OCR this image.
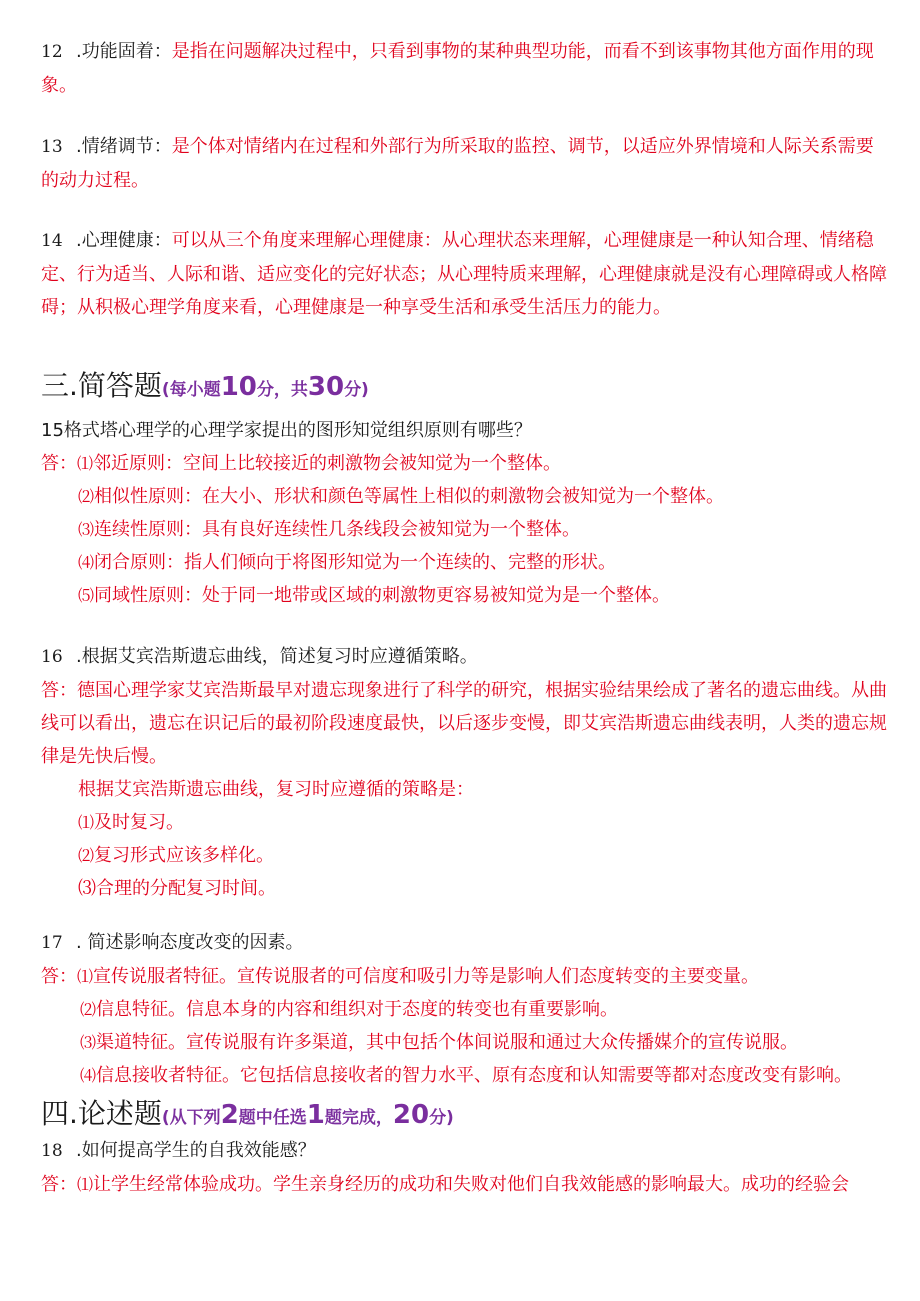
12 .功能固着：是指在问题解决过程中，只看到事物的某种典型功能，而看不到该事物其他方面作用的现象。

13 .情绪调节：是个体对情绪内在过程和外部行为所采取的监控、调节，以适应外界情境和人际关系需要的动力过程。

14 .心理健康：可以从三个角度来理解心理健康：从心理状态来理解，心理健康是一种认知合理、情绪稳定、行为适当、人际和谐、适应变化的完好状态；从心理特质来理解，心理健康就是没有心理障碍或人格障碍；从积极心理学角度来看，心理健康是一种享受生活和承受生活压力的能力。

三.简答题(每小题10分，共30分)

15格式塔心理学的心理学家提出的图形知觉组织原则有哪些？

答：⑴邻近原则：空间上比较接近的刺激物会被知觉为一个整体。

⑵相似性原则：在大小、形状和颜色等属性上相似的刺激物会被知觉为一个整体。

⑶连续性原则：具有良好连续性几条线段会被知觉为一个整体。

⑷闭合原则：指人们倾向于将图形知觉为一个连续的、完整的形状。

⑸同域性原则：处于同一地带或区域的刺激物更容易被知觉为是一个整体。

16 .根据艾宾浩斯遗忘曲线，简述复习时应遵循策略。

答：德国心理学家艾宾浩斯最早对遗忘现象进行了科学的研究，根据实验结果绘成了著名的遗忘曲线。从曲线可以看出，遗忘在识记后的最初阶段速度最快，以后逐步变慢，即艾宾浩斯遗忘曲线表明，人类的遗忘规律是先快后慢。

根据艾宾浩斯遗忘曲线，复习时应遵循的策略是：

⑴及时复习。

⑵复习形式应该多样化。

⑶合理的分配复习时间。

17 . 简述影响态度改变的因素。

答：⑴宣传说服者特征。宣传说服者的可信度和吸引力等是影响人们态度转变的主要变量。

⑵信息特征。信息本身的内容和组织对于态度的转变也有重要影响。

⑶渠道特征。宣传说服有许多渠道，其中包括个体间说服和通过大众传播媒介的宣传说服。

⑷信息接收者特征。它包括信息接收者的智力水平、原有态度和认知需要等都对态度改变有影响。

四.论述题(从下列2题中任选1题完成，20分)

18 .如何提高学生的自我效能感？

答：⑴让学生经常体验成功。学生亲身经历的成功和失败对他们自我效能感的影响最大。成功的经验会
